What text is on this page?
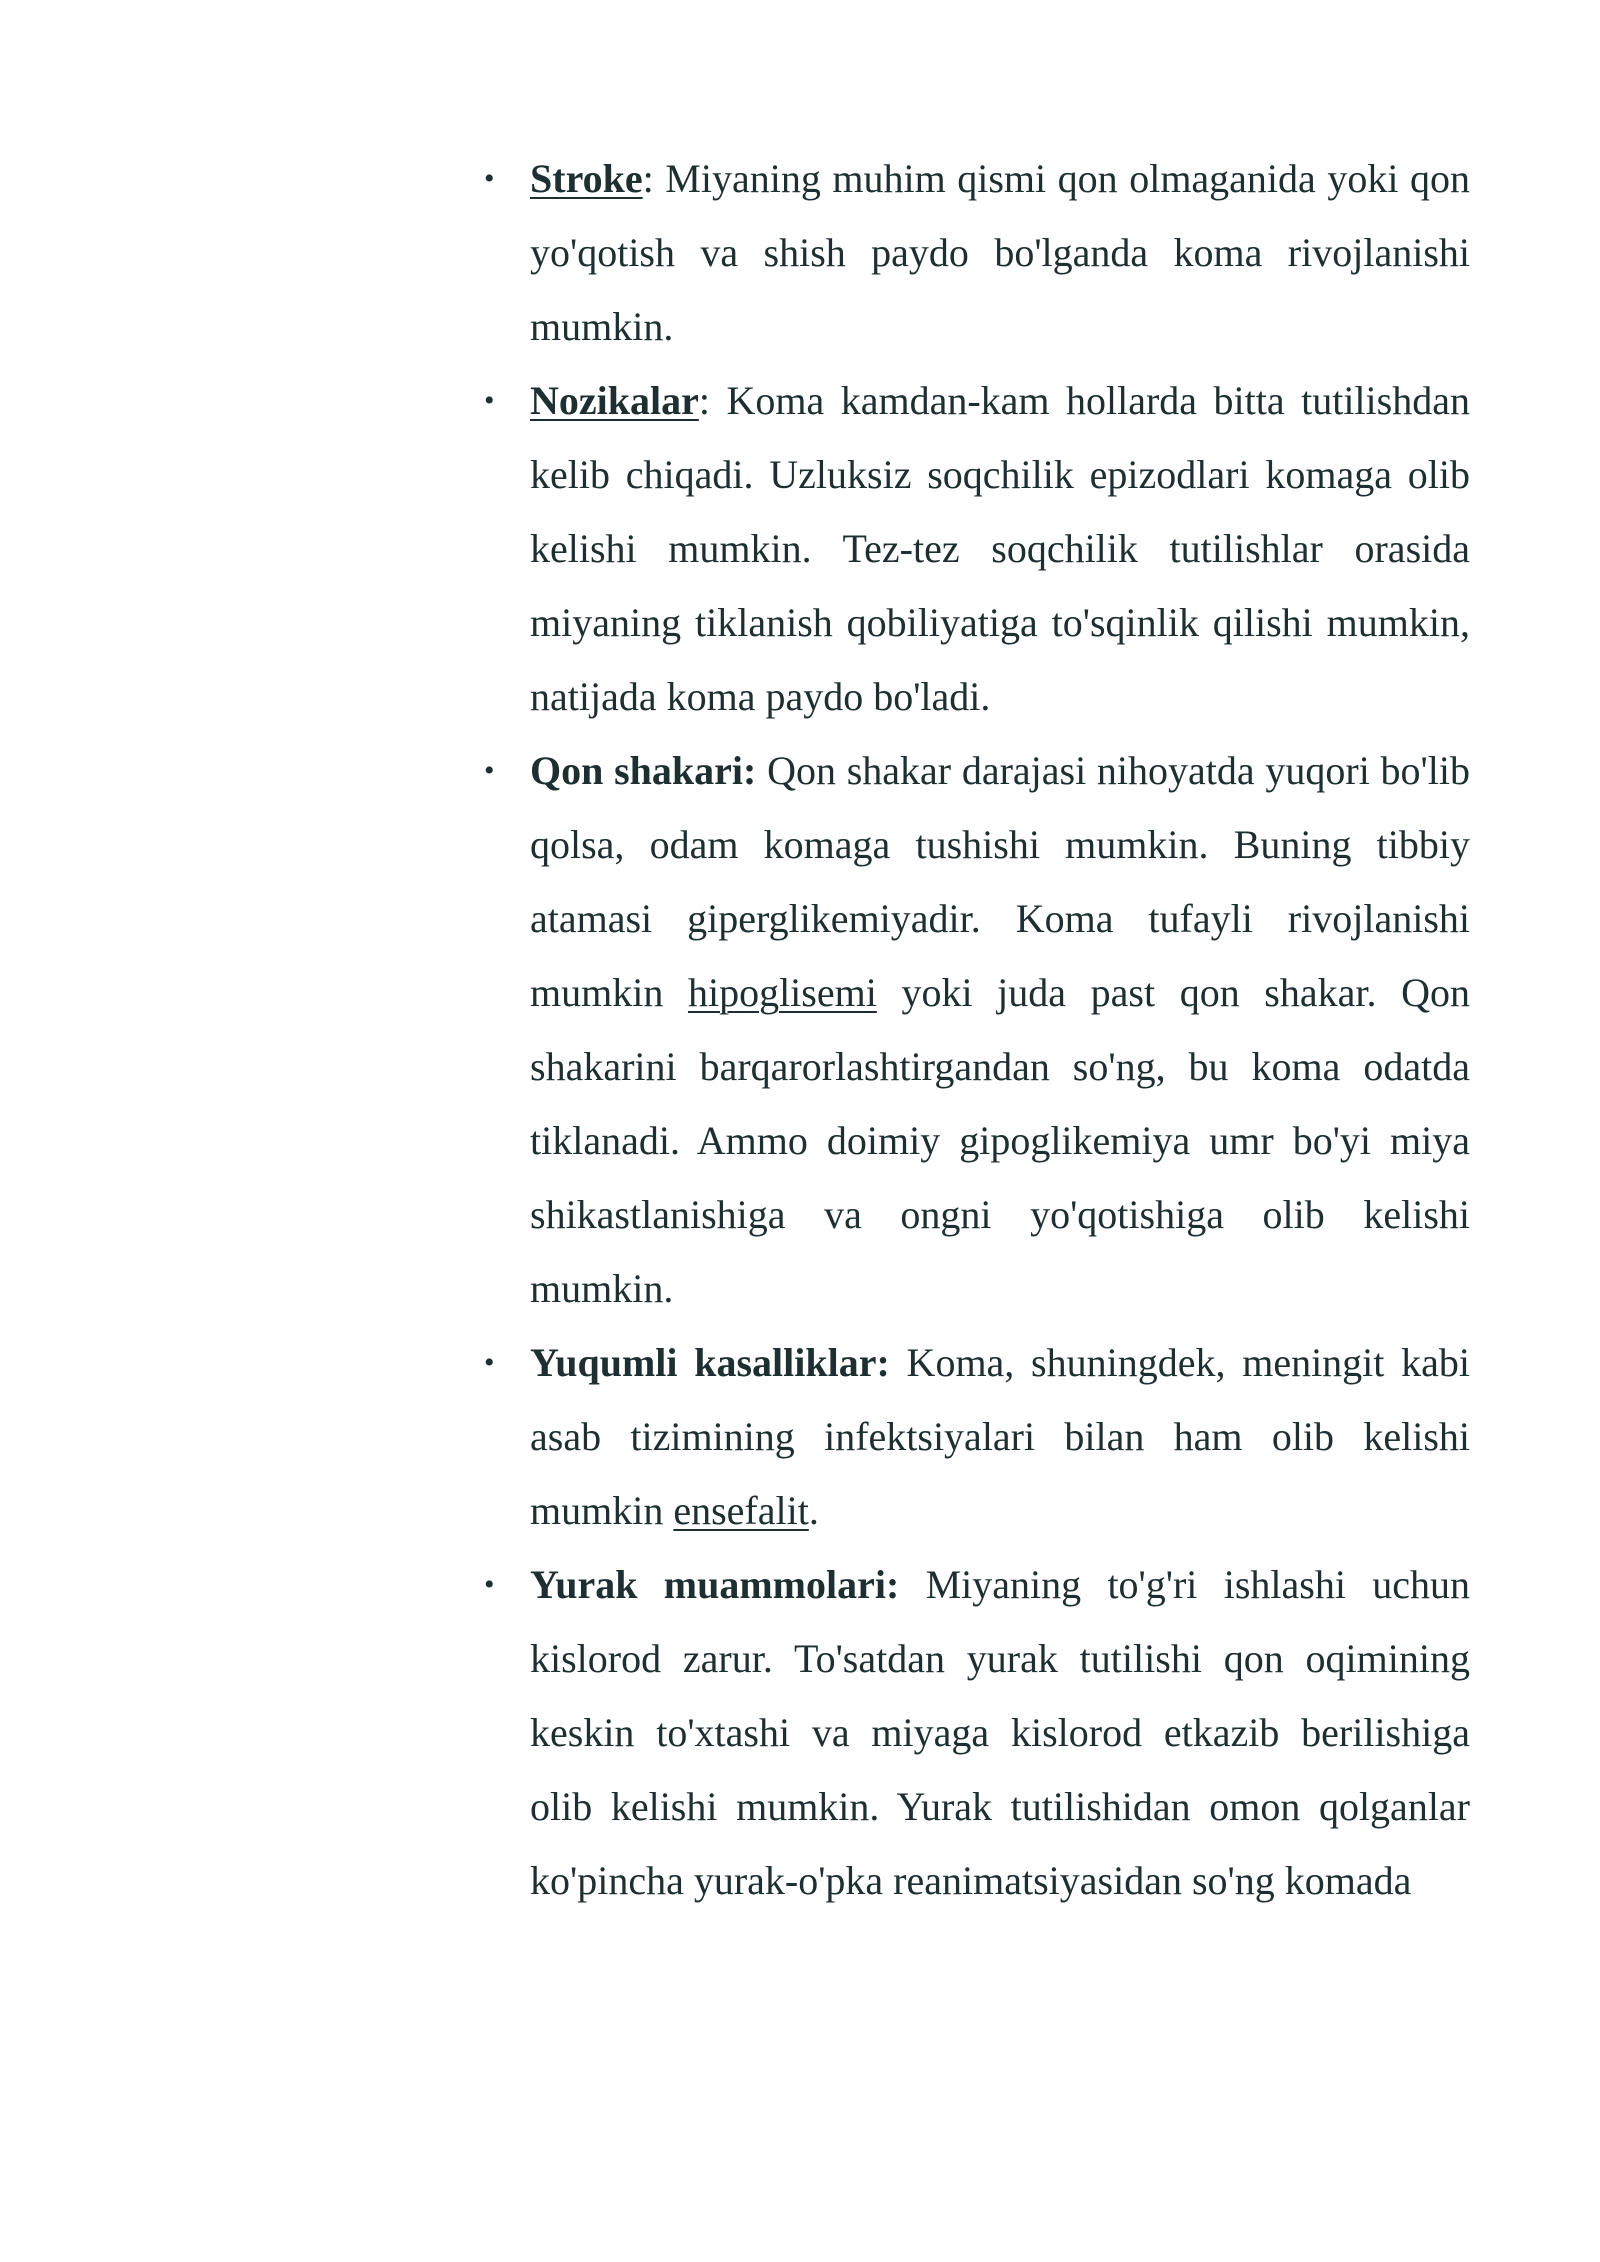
• Stroke: Miyaning muhim qismi qon olmaganida yoki qon yo'qotish va shish paydo bo'lganda koma rivojlanishi mumkin.
• Nozikalar: Koma kamdan-kam hollarda bitta tutilishdan kelib chiqadi. Uzluksiz soqchilik epizodlari komaga olib kelishi mumkin. Tez-tez soqchilik tutilishlar orasida miyaning tiklanish qobiliyatiga to'sqinlik qilishi mumkin, natijada koma paydo bo'ladi.
• Qon shakari: Qon shakar darajasi nihoyatda yuqori bo'lib qolsa, odam komaga tushishi mumkin. Buning tibbiy atamasi giperglikemiyadir. Koma tufayli rivojlanishi mumkin hipoglisemi yoki juda past qon shakar. Qon shakarini barqarorlashtirgandan so'ng, bu koma odatda tiklanadi. Ammo doimiy gipoglikemiya umr bo'yi miya shikastlanishiga va ongni yo'qotishiga olib kelishi mumkin.
• Yuqumli kasalliklar: Koma, shuningdek, meningit kabi asab tizimining infektsiyalari bilan ham olib kelishi mumkin ensefalit.
• Yurak muammolari: Miyaning to'g'ri ishlashi uchun kislorod zarur. To'satdan yurak tutilishi qon oqimining keskin to'xtashi va miyaga kislorod etkazib berilishiga olib kelishi mumkin. Yurak tutilishidan omon qolganlar ko'pincha yurak-o'pka reanimatsiyasidan so'ng komada
